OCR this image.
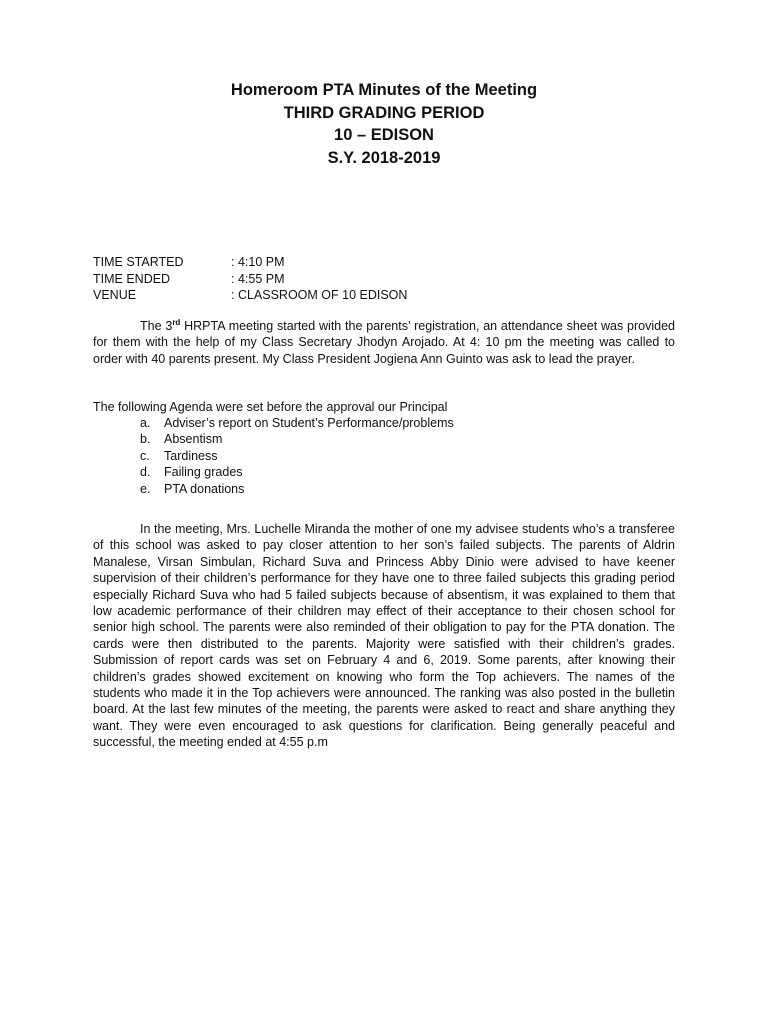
Homeroom PTA Minutes of the Meeting
THIRD GRADING PERIOD
10 – EDISON
S.Y. 2018-2019
TIME STARTED	: 4:10 PM
TIME ENDED	: 4:55 PM
VENUE	: CLASSROOM OF 10 EDISON

The 3rd HRPTA meeting started with the parents’ registration, an attendance sheet was provided for them with the help of my Class Secretary Jhodyn Arojado. At 4: 10 pm the meeting was called to order with 40 parents present. My Class President Jogiena Ann Guinto was ask to lead the prayer.

The following Agenda were set before the approval our Principal

a.	Adviser’s report on Student’s Performance/problems
b.	Absentism
c.	Tardiness
d.	Failing grades
e.	PTA donations

In the meeting, Mrs. Luchelle Miranda the mother of one my advisee students who’s a transferee of this school was asked to pay closer attention to her son’s failed subjects. The parents of Aldrin Manalese, Virsan Simbulan, Richard Suva and Princess Abby Dinio were advised to have keener supervision of their children’s performance for they have one to three failed subjects this grading period especially Richard Suva who had 5 failed subjects because of absentism, it was explained to them that low academic performance of their children may effect of their acceptance to their chosen school for senior high school. The parents were also reminded of their obligation to pay for the PTA donation. The cards were then distributed to the parents. Majority were satisfied with their children’s grades. Submission of report cards was set on February 4 and 6, 2019. Some parents, after knowing their children’s grades showed excitement on knowing who form the Top achievers. The names of the students who made it in the Top achievers were announced. The ranking was also posted in the bulletin board. At the last few minutes of the meeting, the parents were asked to react and share anything they want. They were even encouraged to ask questions for clarification. Being generally peaceful and successful, the meeting ended at 4:55 p.m
